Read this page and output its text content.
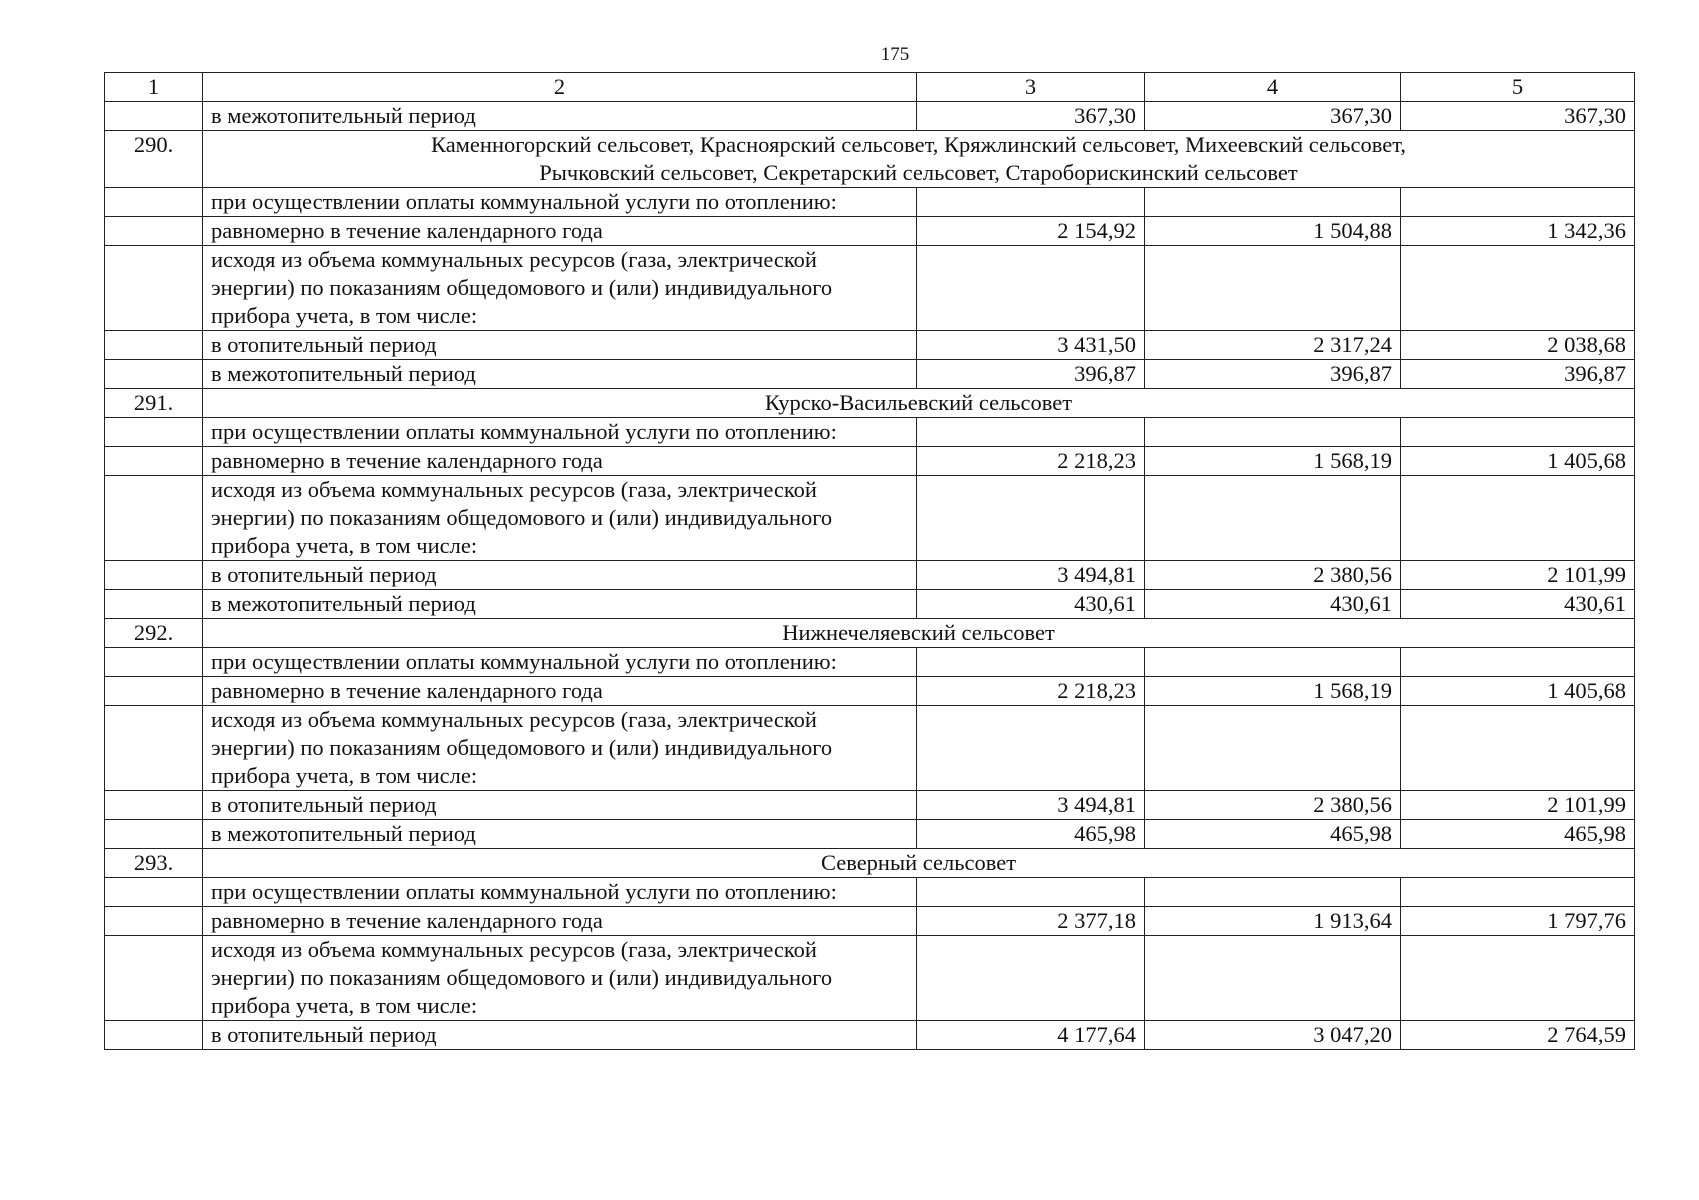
175
1	2	3	4	5
	в межотопительный период	367,30	367,30	367,30
290.	Каменногорский сельсовет, Красноярский сельсовет, Кряжлинский сельсовет, Михеевский сельсовет,
Рычковский сельсовет, Секретарский сельсовет, Староборискинский сельсовет			
	при осуществлении оплаты коммунальной услуги по отоплению:			
	равномерно в течение календарного года	2 154,92	1 504,88	1 342,36
	исходя из объема коммунальных ресурсов (газа, электрической
энергии) по показаниям общедомового и (или) индивидуального
прибора учета, в том числе:			
	в отопительный период	3 431,50	2 317,24	2 038,68
	в межотопительный период	396,87	396,87	396,87
291.	Курско-Васильевский сельсовет			
	при осуществлении оплаты коммунальной услуги по отоплению:			
	равномерно в течение календарного года	2 218,23	1 568,19	1 405,68
	исходя из объема коммунальных ресурсов (газа, электрической
энергии) по показаниям общедомового и (или) индивидуального
прибора учета, в том числе:			
	в отопительный период	3 494,81	2 380,56	2 101,99
	в межотопительный период	430,61	430,61	430,61
292.	Нижнечеляевский сельсовет			
	при осуществлении оплаты коммунальной услуги по отоплению:			
	равномерно в течение календарного года	2 218,23	1 568,19	1 405,68
	исходя из объема коммунальных ресурсов (газа, электрической
энергии) по показаниям общедомового и (или) индивидуального
прибора учета, в том числе:			
	в отопительный период	3 494,81	2 380,56	2 101,99
	в межотопительный период	465,98	465,98	465,98
293.	Северный сельсовет			
	при осуществлении оплаты коммунальной услуги по отоплению:			
	равномерно в течение календарного года	2 377,18	1 913,64	1 797,76
	исходя из объема коммунальных ресурсов (газа, электрической
энергии) по показаниям общедомового и (или) индивидуального
прибора учета, в том числе:			
	в отопительный период	4 177,64	3 047,20	2 764,59
